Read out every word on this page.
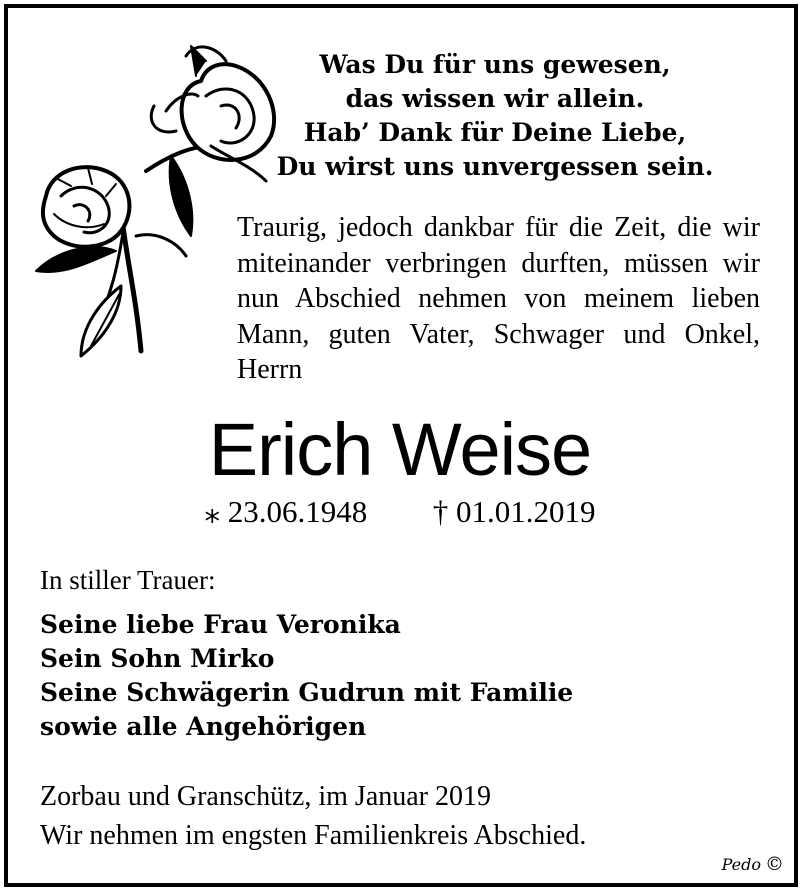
Was Du für uns gewesen,
das wissen wir allein.
Hab’ Dank für Deine Liebe,
Du wirst uns unvergessen sein.
Traurig, jedoch dankbar für die Zeit, die wir miteinander verbringen durften, müssen wir nun Abschied nehmen von meinem lieben Mann, guten Vater, Schwager und Onkel, Herrn
Erich Weise
⁎ 23.06.1948 † 01.01.2019
In stiller Trauer:
Seine liebe Frau Veronika
Sein Sohn Mirko
Seine Schwägerin Gudrun mit Familie
sowie alle Angehörigen
Zorbau und Granschütz, im Januar 2019
Wir nehmen im engsten Familienkreis Abschied.
Pedo ©
